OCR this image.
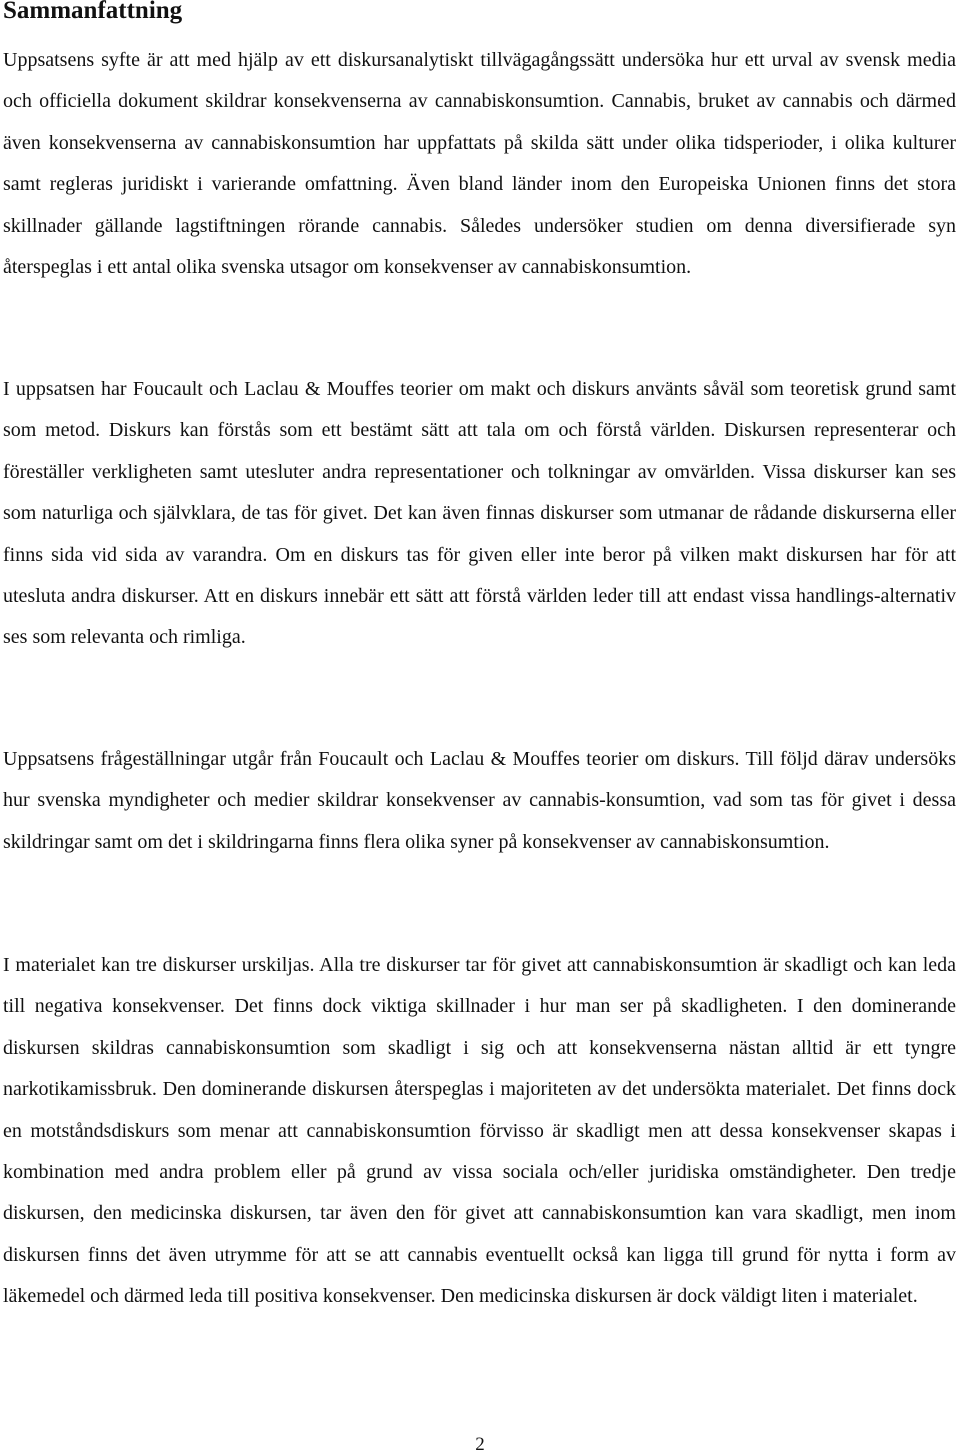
Sammanfattning

Uppsatsens syfte är att med hjälp av ett diskursanalytiskt tillvägagångssätt undersöka hur ett urval av svensk media och officiella dokument skildrar konsekvenserna av cannabiskonsumtion. Cannabis, bruket av cannabis och därmed även konsekvenserna av cannabiskonsumtion har uppfattats på skilda sätt under olika tidsperioder, i olika kulturer samt regleras juridiskt i varierande omfattning. Även bland länder inom den Europeiska Unionen finns det stora skillnader gällande lagstiftningen rörande cannabis. Således undersöker studien om denna diversifierade syn återspeglas i ett antal olika svenska utsagor om konsekvenser av cannabiskonsumtion.

I uppsatsen har Foucault och Laclau & Mouffes teorier om makt och diskurs använts såväl som teoretisk grund samt som metod. Diskurs kan förstås som ett bestämt sätt att tala om och förstå världen. Diskursen representerar och föreställer verkligheten samt utesluter andra representationer och tolkningar av omvärlden. Vissa diskurser kan ses som naturliga och självklara, de tas för givet. Det kan även finnas diskurser som utmanar de rådande diskurserna eller finns sida vid sida av varandra. Om en diskurs tas för given eller inte beror på vilken makt diskursen har för att utesluta andra diskurser. Att en diskurs innebär ett sätt att förstå världen leder till att endast vissa handlings-alternativ ses som relevanta och rimliga.

Uppsatsens frågeställningar utgår från Foucault och Laclau & Mouffes teorier om diskurs. Till följd därav undersöks hur svenska myndigheter och medier skildrar konsekvenser av cannabis-konsumtion, vad som tas för givet i dessa skildringar samt om det i skildringarna finns flera olika syner på konsekvenser av cannabiskonsumtion.

I materialet kan tre diskurser urskiljas. Alla tre diskurser tar för givet att cannabiskonsumtion är skadligt och kan leda till negativa konsekvenser. Det finns dock viktiga skillnader i hur man ser på skadligheten. I den dominerande diskursen skildras cannabiskonsumtion som skadligt i sig och att konsekvenserna nästan alltid är ett tyngre narkotikamissbruk. Den dominerande diskursen återspeglas i majoriteten av det undersökta materialet. Det finns dock en motståndsdiskurs som menar att cannabiskonsumtion förvisso är skadligt men att dessa konsekvenser skapas i kombination med andra problem eller på grund av vissa sociala och/eller juridiska omständigheter. Den tredje diskursen, den medicinska diskursen, tar även den för givet att cannabiskonsumtion kan vara skadligt, men inom diskursen finns det även utrymme för att se att cannabis eventuellt också kan ligga till grund för nytta i form av läkemedel och därmed leda till positiva konsekvenser. Den medicinska diskursen är dock väldigt liten i materialet.

2
